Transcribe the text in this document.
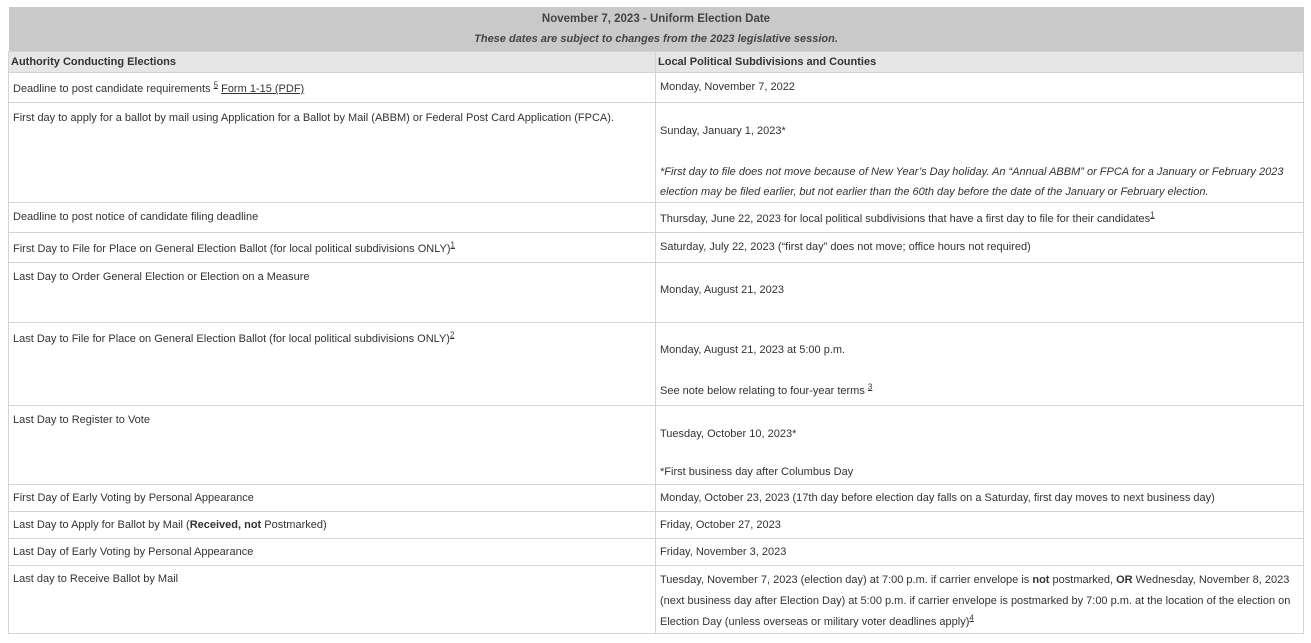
November 7, 2023 - Uniform Election Date
These dates are subject to changes from the 2023 legislative session.	

Authority Conducting Elections	Local Political Subdivisions and Counties
Deadline to post candidate requirements $^5$ Form 1-15 (PDF)	Monday, November 7, 2022
First day to apply for a ballot by mail using Application for a Ballot by Mail (ABBM) or Federal Post Card Application (FPCA).	Sunday, January 1, 2023*
*First day to file does not move because of New Year’s Day holiday. An “Annual ABBM” or FPCA for a January or February 2023
election may be filed earlier, but not earlier than the 60th day before the date of the January or February election.

Deadline to post notice of candidate filing deadline	Thursday, June 22, 2023 for local political subdivisions that have a first day to file for their candidates$^1$
First Day to File for Place on General Election Ballot (for local political subdivisions ONLY)$^1$	Saturday, July 22, 2023 (“first day” does not move; office hours not required)
Last Day to Order General Election or Election on a Measure	Monday, August 21, 2023
Last Day to File for Place on General Election Ballot (for local political subdivisions ONLY)$^2$	Monday, August 21, 2023 at 5:00 p.m.
See note below relating to four-year terms $^3$

Last Day to Register to Vote	Tuesday, October 10, 2023*
*First business day after Columbus Day

First Day of Early Voting by Personal Appearance	Monday, October 23, 2023 (17th day before election day falls on a Saturday, first day moves to next business day)
Last Day to Apply for Ballot by Mail (Received, not Postmarked)	Friday, October 27, 2023
Last Day of Early Voting by Personal Appearance	Friday, November 3, 2023
Last day to Receive Ballot by Mail	Tuesday, November 7, 2023 (election day) at 7:00 p.m. if carrier envelope is not postmarked, OR Wednesday, November 8, 2023
(next business day after Election Day) at 5:00 p.m. if carrier envelope is postmarked by 7:00 p.m. at the location of the election on
Election Day (unless overseas or military voter deadlines apply)$^4$
